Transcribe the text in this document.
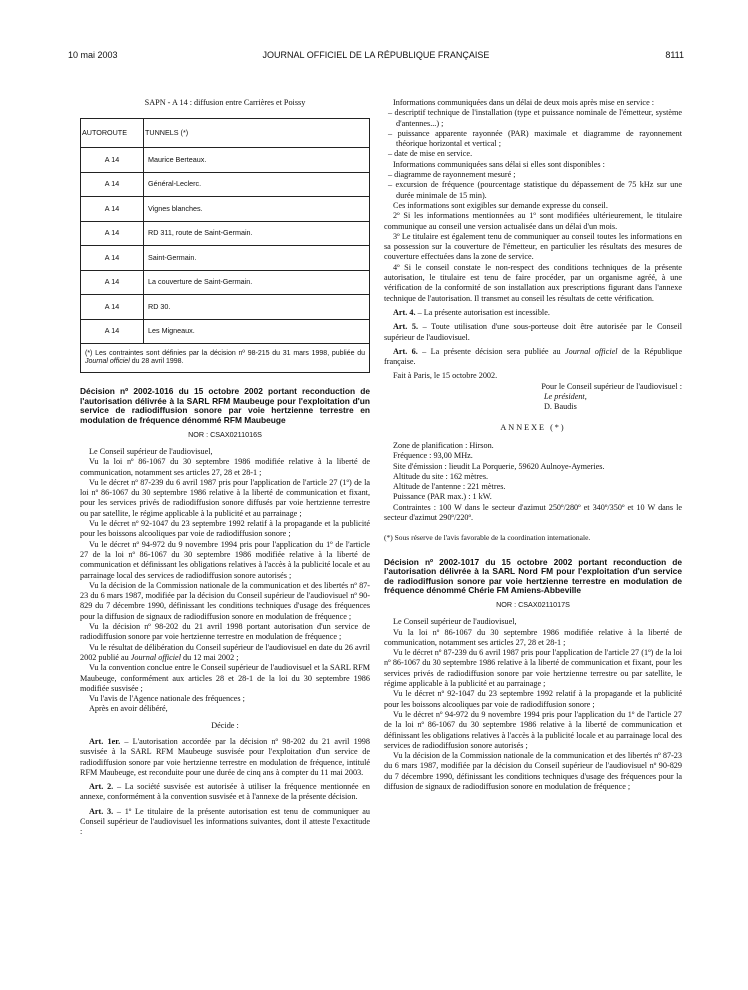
10 mai 2003	JOURNAL OFFICIEL DE LA RÉPUBLIQUE FRANÇAISE	8111

SAPN - A 14 : diffusion entre Carrières et Poissy

AUTOROUTE	TUNNELS (*)
A 14	Maurice Berteaux.
A 14	Général-Leclerc.
A 14	Vignes blanches.
A 14	RD 311, route de Saint-Germain.
A 14	Saint-Germain.
A 14	La couverture de Saint-Germain.
A 14	RD 30.
A 14	Les Migneaux.
(*) Les contraintes sont définies par la décision nº 98-215 du 31 mars 1998, publiée du Journal officiel du 28 avril 1998.	
Décision nº 2002-1016 du 15 octobre 2002 portant reconduction de l'autorisation délivrée à la SARL RFM Maubeuge pour l'exploitation d'un service de radiodiffusion sonore par voie hertzienne terrestre en modulation de fréquence dénommé RFM Maubeuge
NOR : CSAX0211016S

Le Conseil supérieur de l'audiovisuel,

Vu la loi nº 86-1067 du 30 septembre 1986 modifiée relative à la liberté de communication, notamment ses articles 27, 28 et 28-1 ;

Vu le décret nº 87-239 du 6 avril 1987 pris pour l'application de l'article 27 (1º) de la loi nº 86-1067 du 30 septembre 1986 relative à la liberté de communication et fixant, pour les services privés de radiodiffusion sonore diffusés par voie hertzienne terrestre ou par satellite, le régime applicable à la publicité et au parrainage ;

Vu le décret nº 92-1047 du 23 septembre 1992 relatif à la propagande et la publicité pour les boissons alcooliques par voie de radiodiffusion sonore ;

Vu le décret nº 94-972 du 9 novembre 1994 pris pour l'application du 1º de l'article 27 de la loi nº 86-1067 du 30 septembre 1986 modifiée relative à la liberté de communication et définissant les obligations relatives à l'accès à la publicité locale et au parrainage local des services de radiodiffusion sonore autorisés ;

Vu la décision de la Commission nationale de la communication et des libertés nº 87-23 du 6 mars 1987, modifiée par la décision du Conseil supérieur de l'audiovisuel nº 90-829 du 7 décembre 1990, définissant les conditions techniques d'usage des fréquences pour la diffusion de signaux de radiodiffusion sonore en modulation de fréquence ;

Vu la décision nº 98-202 du 21 avril 1998 portant autorisation d'un service de radiodiffusion sonore par voie hertzienne terrestre en modulation de fréquence ;

Vu le résultat de délibération du Conseil supérieur de l'audiovisuel en date du 26 avril 2002 publié au Journal officiel du 12 mai 2002 ;

Vu la convention conclue entre le Conseil supérieur de l'audiovisuel et la SARL RFM Maubeuge, conformément aux articles 28 et 28-1 de la loi du 30 septembre 1986 modifiée susvisée ;

Vu l'avis de l'Agence nationale des fréquences ;

Après en avoir délibéré,

Décide :

Art. 1er. – L'autorisation accordée par la décision nº 98-202 du 21 avril 1998 susvisée à la SARL RFM Maubeuge susvisée pour l'exploitation d'un service de radiodiffusion sonore par voie hertzienne terrestre en modulation de fréquence, intitulé RFM Maubeuge, est reconduite pour une durée de cinq ans à compter du 11 mai 2003.

Art. 2. – La société susvisée est autorisée à utiliser la fréquence mentionnée en annexe, conformément à la convention susvisée et à l'annexe de la présente décision.

Art. 3. – 1º Le titulaire de la présente autorisation est tenu de communiquer au Conseil supérieur de l'audiovisuel les informations suivantes, dont il atteste l'exactitude :

Informations communiquées dans un délai de deux mois après mise en service :

– descriptif technique de l'installation (type et puissance nominale de l'émetteur, système d'antennes...) ;

– puissance apparente rayonnée (PAR) maximale et diagramme de rayonnement théorique horizontal et vertical ;

– date de mise en service.

Informations communiquées sans délai si elles sont disponibles :

– diagramme de rayonnement mesuré ;

– excursion de fréquence (pourcentage statistique du dépassement de 75 kHz sur une durée minimale de 15 min).

Ces informations sont exigibles sur demande expresse du conseil.

2º Si les informations mentionnées au 1º sont modifiées ultérieurement, le titulaire communique au conseil une version actualisée dans un délai d'un mois.

3º Le titulaire est également tenu de communiquer au conseil toutes les informations en sa possession sur la couverture de l'émetteur, en particulier les résultats des mesures de couverture effectuées dans la zone de service.

4º Si le conseil constate le non-respect des conditions techniques de la présente autorisation, le titulaire est tenu de faire procéder, par un organisme agréé, à une vérification de la conformité de son installation aux prescriptions figurant dans l'annexe technique de l'autorisation. Il transmet au conseil les résultats de cette vérification.

Art. 4. – La présente autorisation est incessible.

Art. 5. – Toute utilisation d'une sous-porteuse doit être autorisée par le Conseil supérieur de l'audiovisuel.

Art. 6. – La présente décision sera publiée au Journal officiel de la République française.

Fait à Paris, le 15 octobre 2002.

Pour le Conseil supérieur de l'audiovisuel :

Le président,

D. Baudis

ANNEXE (*)

Zone de planification : Hirson.

Fréquence : 93,00 MHz.

Site d'émission : lieudit La Porquerie, 59620 Aulnoye-Aymeries.

Altitude du site : 162 mètres.

Altitude de l'antenne : 221 mètres.

Puissance (PAR max.) : 1 kW.

Contraintes : 100 W dans le secteur d'azimut 250º/280º et 340º/350º et 10 W dans le secteur d'azimut 290º/220º.

(*) Sous réserve de l'avis favorable de la coordination internationale.

Décision nº 2002-1017 du 15 octobre 2002 portant reconduction de l'autorisation délivrée à la SARL Nord FM pour l'exploitation d'un service de radiodiffusion sonore par voie hertzienne terrestre en modulation de fréquence dénommé Chérie FM Amiens-Abbeville
NOR : CSAX0211017S

Le Conseil supérieur de l'audiovisuel,

Vu la loi nº 86-1067 du 30 septembre 1986 modifiée relative à la liberté de communication, notamment ses articles 27, 28 et 28-1 ;

Vu le décret nº 87-239 du 6 avril 1987 pris pour l'application de l'article 27 (1º) de la loi nº 86-1067 du 30 septembre 1986 relative à la liberté de communication et fixant, pour les services privés de radiodiffusion sonore par voie hertzienne terrestre ou par satellite, le régime applicable à la publicité et au parrainage ;

Vu le décret nº 92-1047 du 23 septembre 1992 relatif à la propagande et la publicité pour les boissons alcooliques par voie de radiodiffusion sonore ;

Vu le décret nº 94-972 du 9 novembre 1994 pris pour l'application du 1º de l'article 27 de la loi nº 86-1067 du 30 septembre 1986 relative à la liberté de communication et définissant les obligations relatives à l'accès à la publicité locale et au parrainage local des services de radiodiffusion sonore autorisés ;

Vu la décision de la Commission nationale de la communication et des libertés nº 87-23 du 6 mars 1987, modifiée par la décision du Conseil supérieur de l'audiovisuel nº 90-829 du 7 décembre 1990, définissant les conditions techniques d'usage des fréquences pour la diffusion de signaux de radiodiffusion sonore en modulation de fréquence ;
